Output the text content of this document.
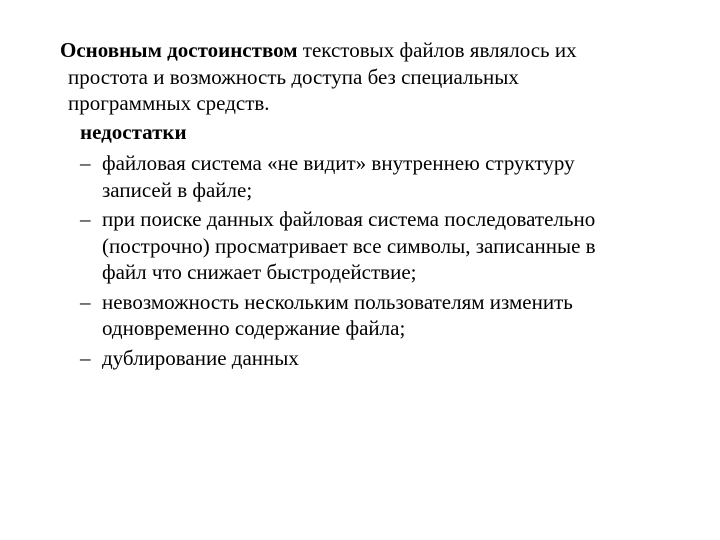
Основным достоинством текстовых файлов являлось их
простота и возможность доступа без специальных
программных средств.
недостатки
– файловая система «не видит» внутреннею структуру
записей в файле;
– при поиске данных файловая система последовательно
(построчно) просматривает все символы, записанные в
файл что снижает быстродействие;
– невозможность нескольким пользователям изменить
одновременно содержание файла;
– дублирование данных
